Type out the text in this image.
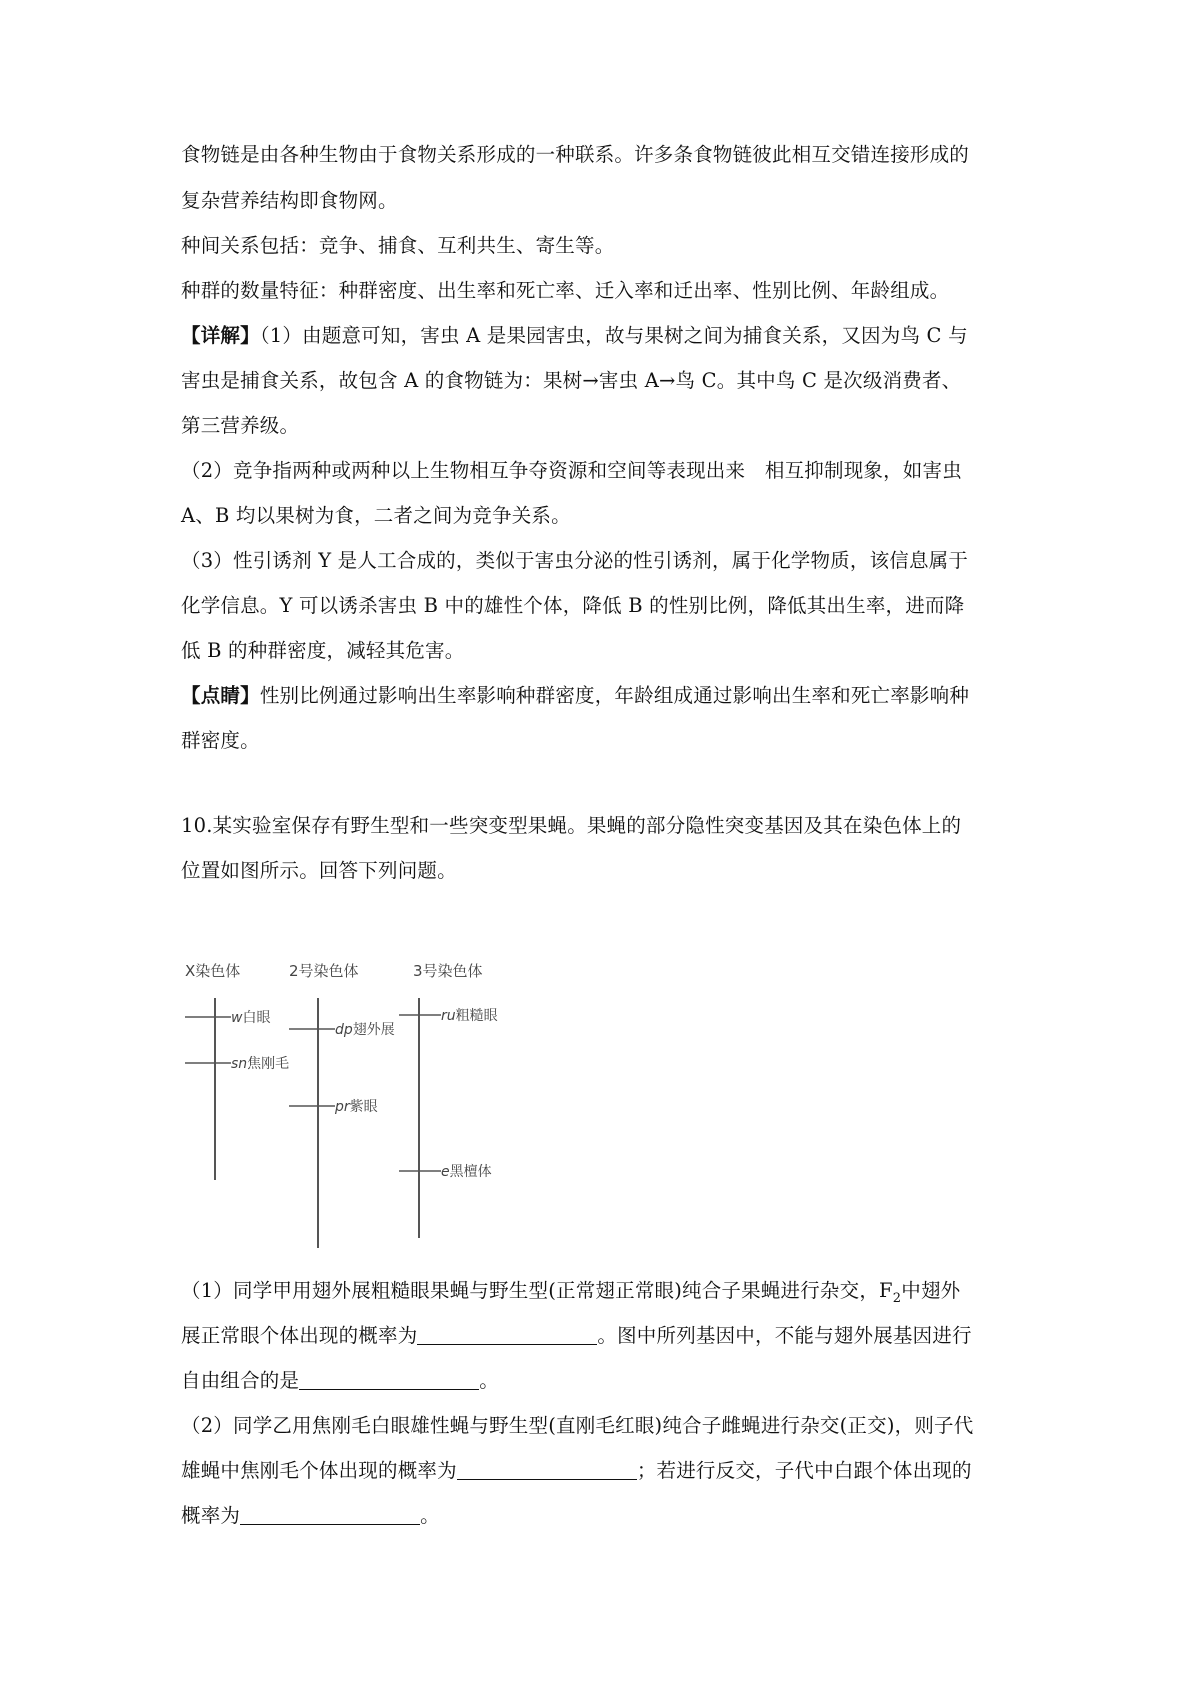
食物链是由各种生物由于食物关系形成的一种联系。许多条食物链彼此相互交错连接形成的
复杂营养结构即食物网。
种间关系包括：竞争、捕食、互利共生、寄生等。
种群的数量特征：种群密度、出生率和死亡率、迁入率和迁出率、性别比例、年龄组成。
【详解】（1）由题意可知，害虫 A 是果园害虫，故与果树之间为捕食关系，又因为鸟 C 与
害虫是捕食关系，故包含 A 的食物链为：果树→害虫 A→鸟 C。其中鸟 C 是次级消费者、
第三营养级。
（2）竞争指两种或两种以上生物相互争夺资源和空间等表现出来　相互抑制现象，如害虫
A、B 均以果树为食，二者之间为竞争关系。
（3）性引诱剂 Y 是人工合成的，类似于害虫分泌的性引诱剂，属于化学物质，该信息属于
化学信息。Y 可以诱杀害虫 B 中的雄性个体，降低 B 的性别比例，降低其出生率，进而降
低 B 的种群密度，减轻其危害。
【点睛】性别比例通过影响出生率影响种群密度，年龄组成通过影响出生率和死亡率影响种
群密度。
10.某实验室保存有野生型和一些突变型果蝇。果蝇的部分隐性突变基因及其在染色体上的
位置如图所示。回答下列问题。
X染色体	2号染色体	3号染色体
w白眼
sn焦刚毛
dp翅外展
pr紫眼
ru粗糙眼
e黑檀体
（1）同学甲用翅外展粗糙眼果蝇与野生型(正常翅正常眼)纯合子果蝇进行杂交，$F_2$中翅外
展正常眼个体出现的概率为	。图中所列基因中，不能与翅外展基因进行
自由组合的是	。
（2）同学乙用焦刚毛白眼雄性蝇与野生型(直刚毛红眼)纯合子雌蝇进行杂交(正交)，则子代
雄蝇中焦刚毛个体出现的概率为	；若进行反交，子代中白跟个体出现的
概率为	。
